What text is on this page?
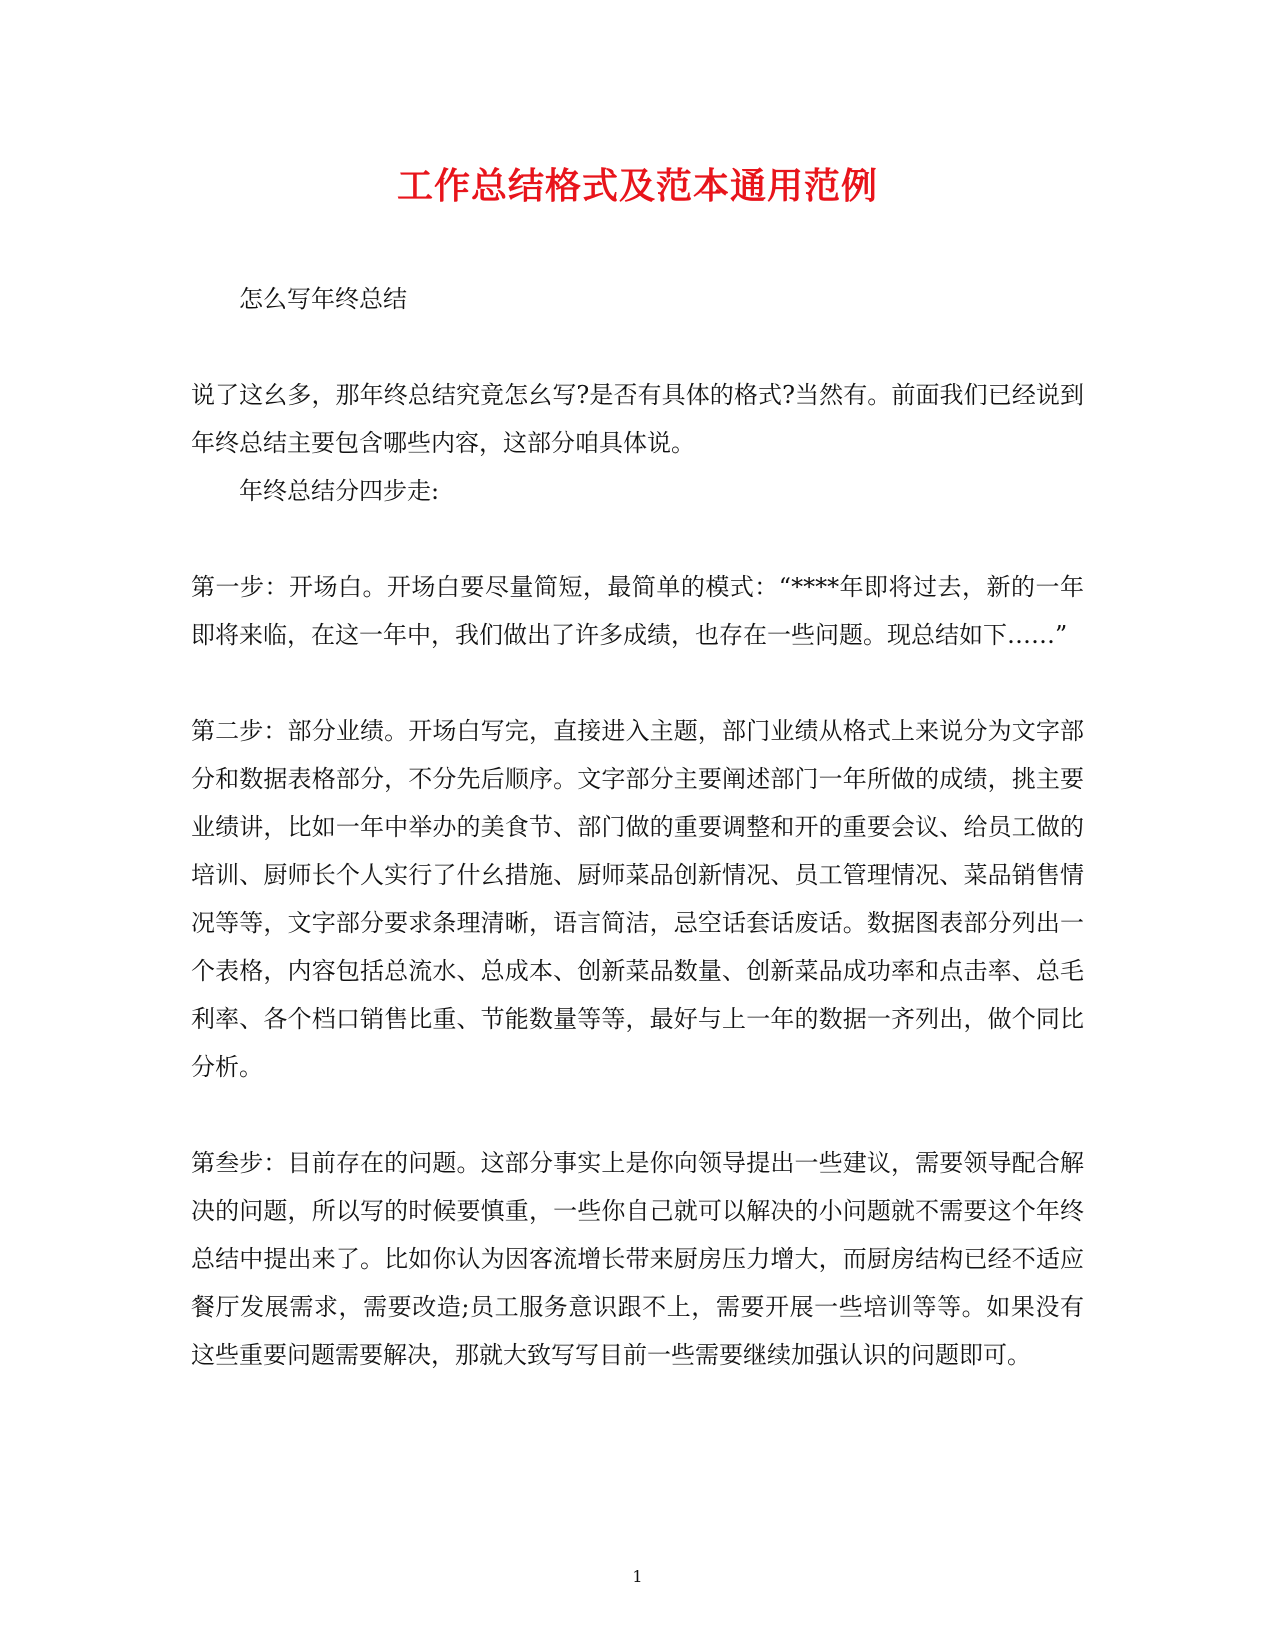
工作总结格式及范本通用范例

怎么写年终总结

说了这幺多，那年终总结究竟怎幺写?是否有具体的格式?当然有。前面我们已经说到年终总结主要包含哪些内容，这部分咱具体说。

年终总结分四步走:

第一步：开场白。开场白要尽量简短，最简单的模式：“****年即将过去，新的一年即将来临，在这一年中，我们做出了许多成绩，也存在一些问题。现总结如下……”

第二步：部分业绩。开场白写完，直接进入主题，部门业绩从格式上来说分为文字部分和数据表格部分，不分先后顺序。文字部分主要阐述部门一年所做的成绩，挑主要业绩讲，比如一年中举办的美食节、部门做的重要调整和开的重要会议、给员工做的培训、厨师长个人实行了什幺措施、厨师菜品创新情况、员工管理情况、菜品销售情况等等，文字部分要求条理清晰，语言简洁，忌空话套话废话。数据图表部分列出一个表格，内容包括总流水、总成本、创新菜品数量、创新菜品成功率和点击率、总毛利率、各个档口销售比重、节能数量等等，最好与上一年的数据一齐列出，做个同比分析。

第叁步：目前存在的问题。这部分事实上是你向领导提出一些建议，需要领导配合解决的问题，所以写的时候要慎重，一些你自己就可以解决的小问题就不需要这个年终总结中提出来了。比如你认为因客流增长带来厨房压力增大，而厨房结构已经不适应餐厅发展需求，需要改造;员工服务意识跟不上，需要开展一些培训等等。如果没有这些重要问题需要解决，那就大致写写目前一些需要继续加强认识的问题即可。

1
